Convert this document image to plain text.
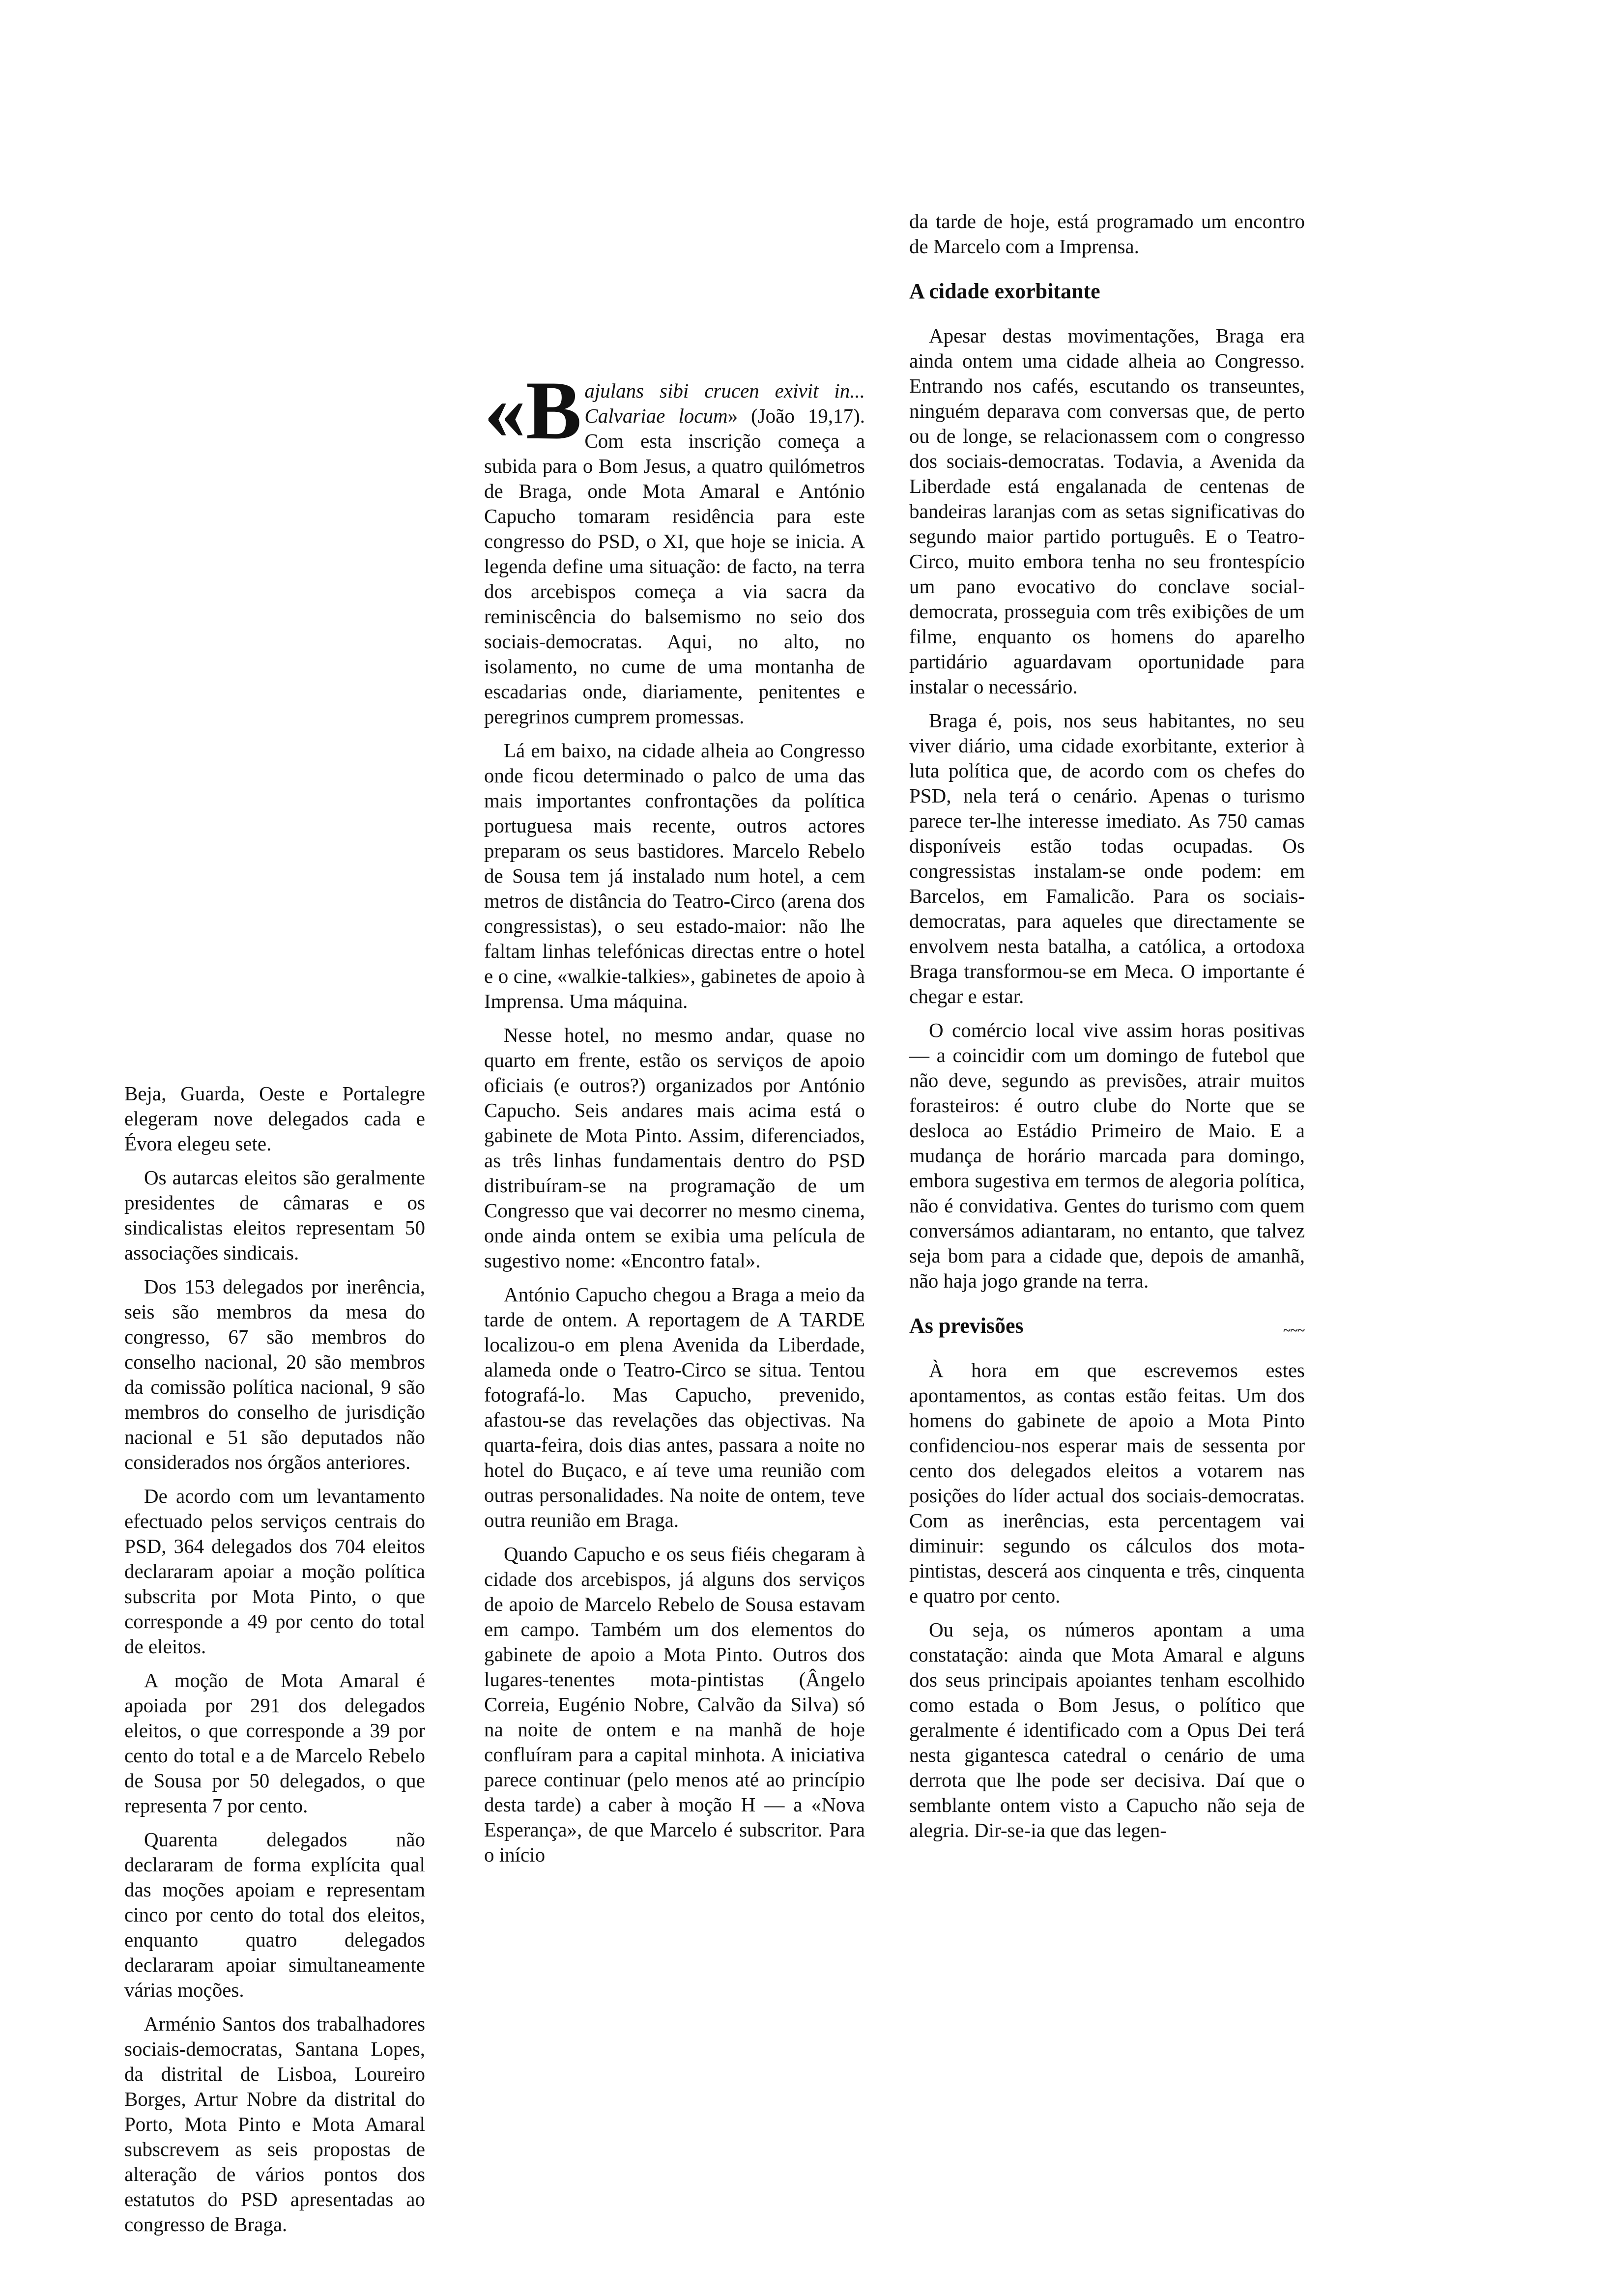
Beja, Guarda, Oeste e Portalegre elegeram nove delegados cada e Évora elegeu sete.

Os autarcas eleitos são geralmente presidentes de câmaras e os sindicalistas eleitos representam 50 associações sindicais.

Dos 153 delegados por inerência, seis são membros da mesa do congresso, 67 são membros do conselho nacional, 20 são membros da comissão política nacional, 9 são membros do conselho de jurisdição nacional e 51 são deputados não considerados nos órgãos anteriores.

De acordo com um levantamento efectuado pelos serviços centrais do PSD, 364 delegados dos 704 eleitos declararam apoiar a moção política subscrita por Mota Pinto, o que corresponde a 49 por cento do total de eleitos.

A moção de Mota Amaral é apoiada por 291 dos delegados eleitos, o que corresponde a 39 por cento do total e a de Marcelo Rebelo de Sousa por 50 delegados, o que representa 7 por cento.

Quarenta delegados não declararam de forma explícita qual das moções apoiam e representam cinco por cento do total dos eleitos, enquanto quatro delegados declararam apoiar simultaneamente várias moções.

Arménio Santos dos trabalhadores sociais-democratas, Santana Lopes, da distrital de Lisboa, Loureiro Borges, Artur Nobre da distrital do Porto, Mota Pinto e Mota Amaral subscrevem as seis propostas de alteração de vários pontos dos estatutos do PSD apresentadas ao congresso de Braga.

«Bajulans sibi crucen exivit in... Calvariae locum» (João 19,17). Com esta inscrição começa a subida para o Bom Jesus, a quatro quilómetros de Braga, onde Mota Amaral e António Capucho tomaram residência para este congresso do PSD, o XI, que hoje se inicia. A legenda define uma situação: de facto, na terra dos arcebispos começa a via sacra da reminiscência do balsemismo no seio dos sociais-democratas. Aqui, no alto, no isolamento, no cume de uma montanha de escadarias onde, diariamente, penitentes e peregrinos cumprem promessas.

Lá em baixo, na cidade alheia ao Congresso onde ficou determinado o palco de uma das mais importantes confrontações da política portuguesa mais recente, outros actores preparam os seus bastidores. Marcelo Rebelo de Sousa tem já instalado num hotel, a cem metros de distância do Teatro-Circo (arena dos congressistas), o seu estado-maior: não lhe faltam linhas telefónicas directas entre o hotel e o cine, «walkie-talkies», gabinetes de apoio à Imprensa. Uma máquina.

Nesse hotel, no mesmo andar, quase no quarto em frente, estão os serviços de apoio oficiais (e outros?) organizados por António Capucho. Seis andares mais acima está o gabinete de Mota Pinto. Assim, diferenciados, as três linhas fundamentais dentro do PSD distribuíram-se na programação de um Congresso que vai decorrer no mesmo cinema, onde ainda ontem se exibia uma película de sugestivo nome: «Encontro fatal».

António Capucho chegou a Braga a meio da tarde de ontem. A reportagem de A TARDE localizou-o em plena Avenida da Liberdade, alameda onde o Teatro-Circo se situa. Tentou fotografá-lo. Mas Capucho, prevenido, afastou-se das revelações das objectivas. Na quarta-feira, dois dias antes, passara a noite no hotel do Buçaco, e aí teve uma reunião com outras personalidades. Na noite de ontem, teve outra reunião em Braga.

Quando Capucho e os seus fiéis chegaram à cidade dos arcebispos, já alguns dos serviços de apoio de Marcelo Rebelo de Sousa estavam em campo. Também um dos elementos do gabinete de apoio a Mota Pinto. Outros dos lugares-tenentes mota-pintistas (Ângelo Correia, Eugénio Nobre, Calvão da Silva) só na noite de ontem e na manhã de hoje confluíram para a capital minhota. A iniciativa parece continuar (pelo menos até ao princípio desta tarde) a caber à moção H — a «Nova Esperança», de que Marcelo é subscritor. Para o início

da tarde de hoje, está programado um encontro de Marcelo com a Imprensa.

A cidade exorbitante

Apesar destas movimentações, Braga era ainda ontem uma cidade alheia ao Congresso. Entrando nos cafés, escutando os transeuntes, ninguém deparava com conversas que, de perto ou de longe, se relacionassem com o congresso dos sociais-democratas. Todavia, a Avenida da Liberdade está engalanada de centenas de bandeiras laranjas com as setas significativas do segundo maior partido português. E o Teatro-Circo, muito embora tenha no seu frontespício um pano evocativo do conclave social-democrata, prosseguia com três exibições de um filme, enquanto os homens do aparelho partidário aguardavam oportunidade para instalar o necessário.

Braga é, pois, nos seus habitantes, no seu viver diário, uma cidade exorbitante, exterior à luta política que, de acordo com os chefes do PSD, nela terá o cenário. Apenas o turismo parece ter-lhe interesse imediato. As 750 camas disponíveis estão todas ocupadas. Os congressistas instalam-se onde podem: em Barcelos, em Famalicão. Para os sociais-democratas, para aqueles que directamente se envolvem nesta batalha, a católica, a ortodoxa Braga transformou-se em Meca. O importante é chegar e estar.

O comércio local vive assim horas positivas — a coincidir com um domingo de futebol que não deve, segundo as previsões, atrair muitos forasteiros: é outro clube do Norte que se desloca ao Estádio Primeiro de Maio. E a mudança de horário marcada para domingo, embora sugestiva em termos de alegoria política, não é convidativa. Gentes do turismo com quem conversámos adiantaram, no entanto, que talvez seja bom para a cidade que, depois de amanhã, não haja jogo grande na terra.

As previsões	~~~

À hora em que escrevemos estes apontamentos, as contas estão feitas. Um dos homens do gabinete de apoio a Mota Pinto confidenciou-nos esperar mais de sessenta por cento dos delegados eleitos a votarem nas posições do líder actual dos sociais-democratas. Com as inerências, esta percentagem vai diminuir: segundo os cálculos dos mota-pintistas, descerá aos cinquenta e três, cinquenta e quatro por cento.

Ou seja, os números apontam a uma constatação: ainda que Mota Amaral e alguns dos seus principais apoiantes tenham escolhido como estada o Bom Jesus, o político que geralmente é identificado com a Opus Dei terá nesta gigantesca catedral o cenário de uma derrota que lhe pode ser decisiva. Daí que o semblante ontem visto a Capucho não seja de alegria. Dir-se-ia que das legen-
